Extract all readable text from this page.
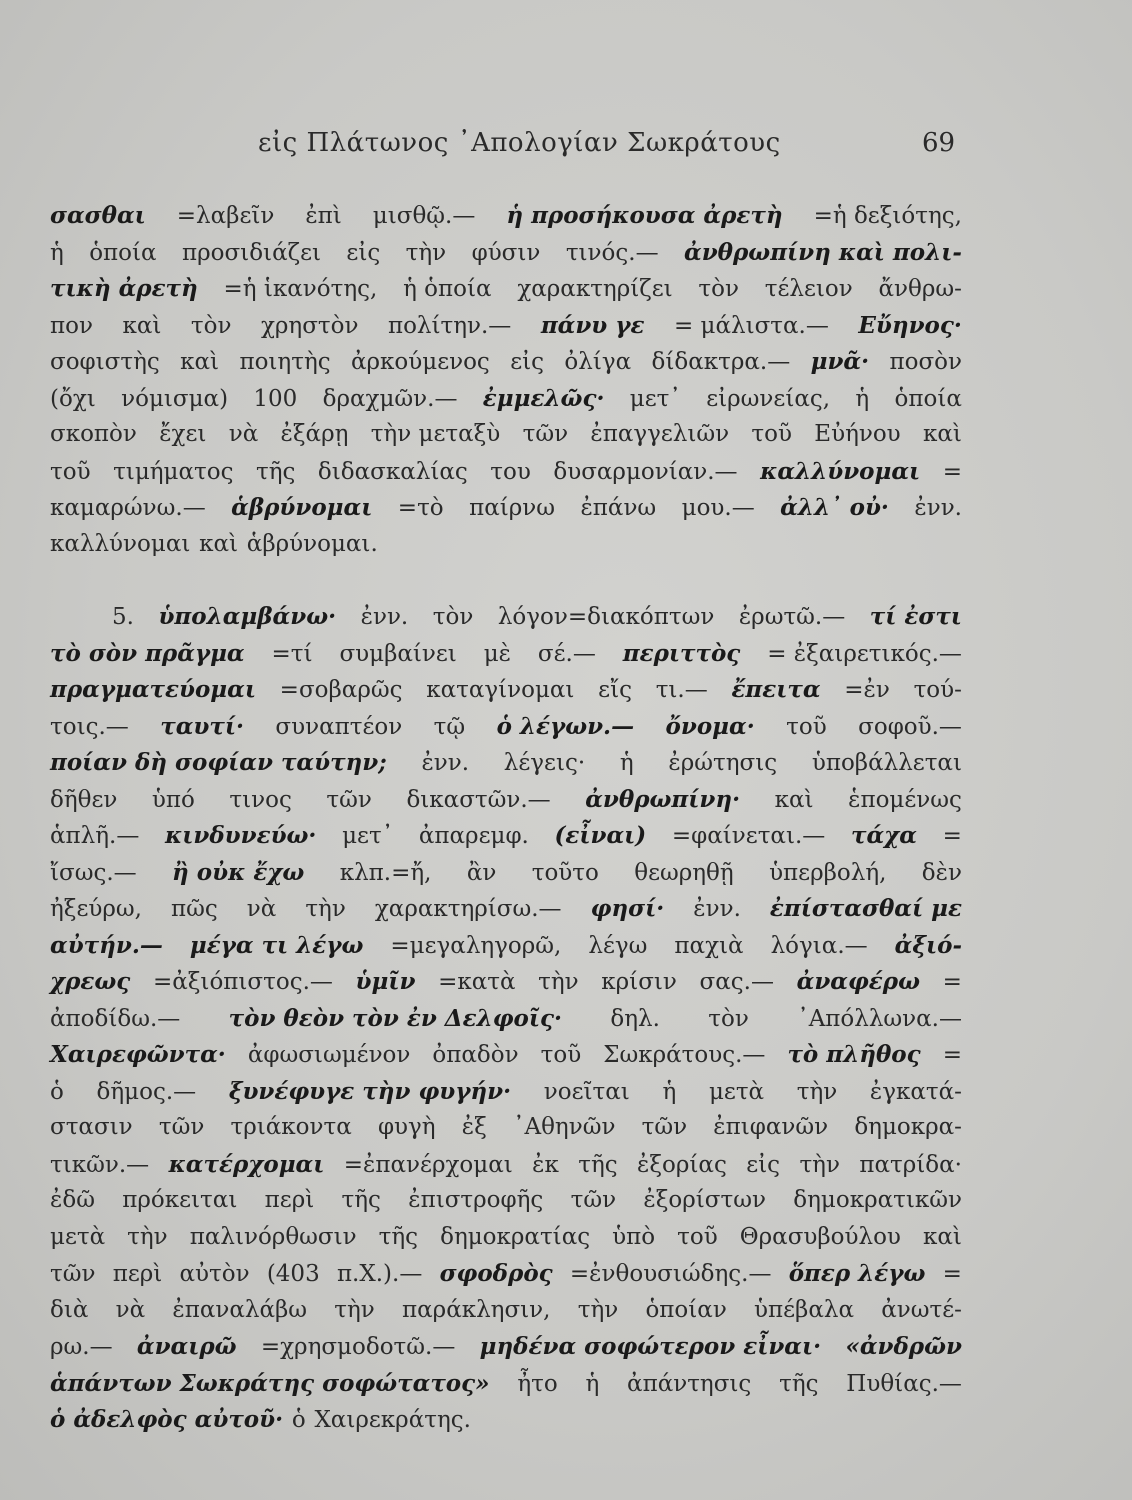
εἰς Πλάτωνος ᾿Απολογίαν Σωκράτους	69
σασθαι =λαβεῖν ἐπὶ μισθῷ.— ἡ προσήκουσα ἀρετὴ =ἡ δεξιότης,
ἡ ὁποία προσιδιάζει εἰς τὴν φύσιν τινός.— ἀνθρωπίνη καὶ πολι-
τικὴ ἀρετὴ =ἡ ἱκανότης, ἡ ὁποία χαρακτηρίζει τὸν τέλειον ἄνθρω-
πον καὶ τὸν χρηστὸν πολίτην.— πάνυ γε = μάλιστα.— Εὔηνος·
σοφιστὴς καὶ ποιητὴς ἀρκούμενος εἰς ὀλίγα δίδακτρα.— μνᾶ· ποσὸν
(ὄχι νόμισμα) 100 δραχμῶν.— ἐμμελῶς· μετ᾿ εἰρωνείας, ἡ ὁποία
σκοπὸν ἔχει νὰ ἐξάρῃ τὴν μεταξὺ τῶν ἐπαγγελιῶν τοῦ Εὐήνου καὶ
τοῦ τιμήματος τῆς διδασκαλίας του δυσαρμονίαν.— καλλύνομαι =
καμαρώνω.— ἁβρύνομαι =τὸ παίρνω ἐπάνω μου.— ἀλλ᾿ οὐ· ἐνν.
καλλύνομαι καὶ ἁβρύνομαι.
5. ὑπολαμβάνω· ἐνν. τὸν λόγον=διακόπτων ἐρωτῶ.— τί ἐστι
τὸ σὸν πρᾶγμα =τί συμβαίνει μὲ σέ.— περιττὸς = ἐξαιρετικός.—
πραγματεύομαι =σοβαρῶς καταγίνομαι εἴς τι.— ἔπειτα =ἐν τού-
τοις.— ταυτί· συναπτέον τῷ ὁ λέγων.— ὄνομα· τοῦ σοφοῦ.—
ποίαν δὴ σοφίαν ταύτην; ἐνν. λέγεις· ἡ ἐρώτησις ὑποβάλλεται
δῆθεν ὑπό τινος τῶν δικαστῶν.— ἀνθρωπίνη· καὶ ἑπομένως
ἁπλῆ.— κινδυνεύω· μετ᾿ ἀπαρεμφ. (εἶναι) =φαίνεται.— τάχα =
ἴσως.— ἢ οὐκ ἔχω κλπ.=ἤ, ἂν τοῦτο θεωρηθῇ ὑπερβολή, δὲν
ἠξεύρω, πῶς νὰ τὴν χαρακτηρίσω.— φησί· ἐνν. ἐπίστασθαί με
αὐτήν.— μέγα τι λέγω =μεγαληγορῶ, λέγω παχιὰ λόγια.— ἀξιό-
χρεως =ἀξιόπιστος.— ὑμῖν =κατὰ τὴν κρίσιν σας.— ἀναφέρω =
ἀποδίδω.— τὸν θεὸν τὸν ἐν Δελφοῖς· δηλ. τὸν ᾿Απόλλωνα.—
Χαιρεφῶντα· ἀφωσιωμένον ὀπαδὸν τοῦ Σωκράτους.— τὸ πλῆθος =
ὁ δῆμος.— ξυνέφυγε τὴν φυγήν· νοεῖται ἡ μετὰ τὴν ἐγκατά-
στασιν τῶν τριάκοντα φυγὴ ἐξ ᾿Αθηνῶν τῶν ἐπιφανῶν δημοκρα-
τικῶν.— κατέρχομαι =ἐπανέρχομαι ἐκ τῆς ἐξορίας εἰς τὴν πατρίδα·
ἐδῶ πρόκειται περὶ τῆς ἐπιστροφῆς τῶν ἐξορίστων δημοκρατικῶν
μετὰ τὴν παλινόρθωσιν τῆς δημοκρατίας ὑπὸ τοῦ Θρασυβούλου καὶ
τῶν περὶ αὐτὸν (403 π.Χ.).— σφοδρὸς =ἐνθουσιώδης.— ὅπερ λέγω =
διὰ νὰ ἐπαναλάβω τὴν παράκλησιν, τὴν ὁποίαν ὑπέβαλα ἀνωτέ-
ρω.— ἀναιρῶ =χρησμοδοτῶ.— μηδένα σοφώτερον εἶναι· «ἀνδρῶν
ἁπάντων Σωκράτης σοφώτατος» ἦτο ἡ ἀπάντησις τῆς Πυθίας.—
ὁ ἀδελφὸς αὐτοῦ· ὁ Χαιρεκράτης.
